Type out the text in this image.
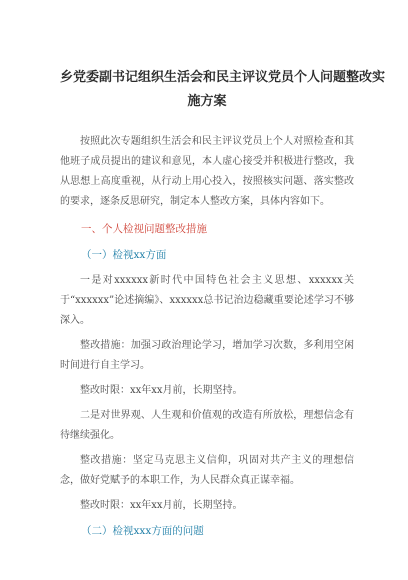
乡党委副书记组织生活会和民主评议党员个人问题整改实
施方案

按照此次专题组织生活会和民主评议党员上个人对照检查和其他班子成员提出的建议和意见，本人虚心接受并积极进行整改，我从思想上高度重视，从行动上用心投入，按照核实问题、落实整改的要求，逐条反思研究，制定本人整改方案，具体内容如下。

一、个人检视问题整改措施

（一）检视xx方面

一是对xxxxxx新时代中国特色社会主义思想、xxxxxx关于“xxxxxx”论述摘编》、xxxxxx总书记治边稳藏重要论述学习不够深入。

整改措施：加强习政治理论学习，增加学习次数，多利用空闲时间进行自主学习。

整改时限：xx年xx月前，长期坚持。

二是对世界观、人生观和价值观的改造有所放松，理想信念有待继续强化。

整改措施：坚定马克思主义信仰，巩固对共产主义的理想信念，做好党赋予的本职工作，为人民群众真正谋幸福。

整改时限：xx年xx月前，长期坚持。

（二）检视xxx方面的问题
